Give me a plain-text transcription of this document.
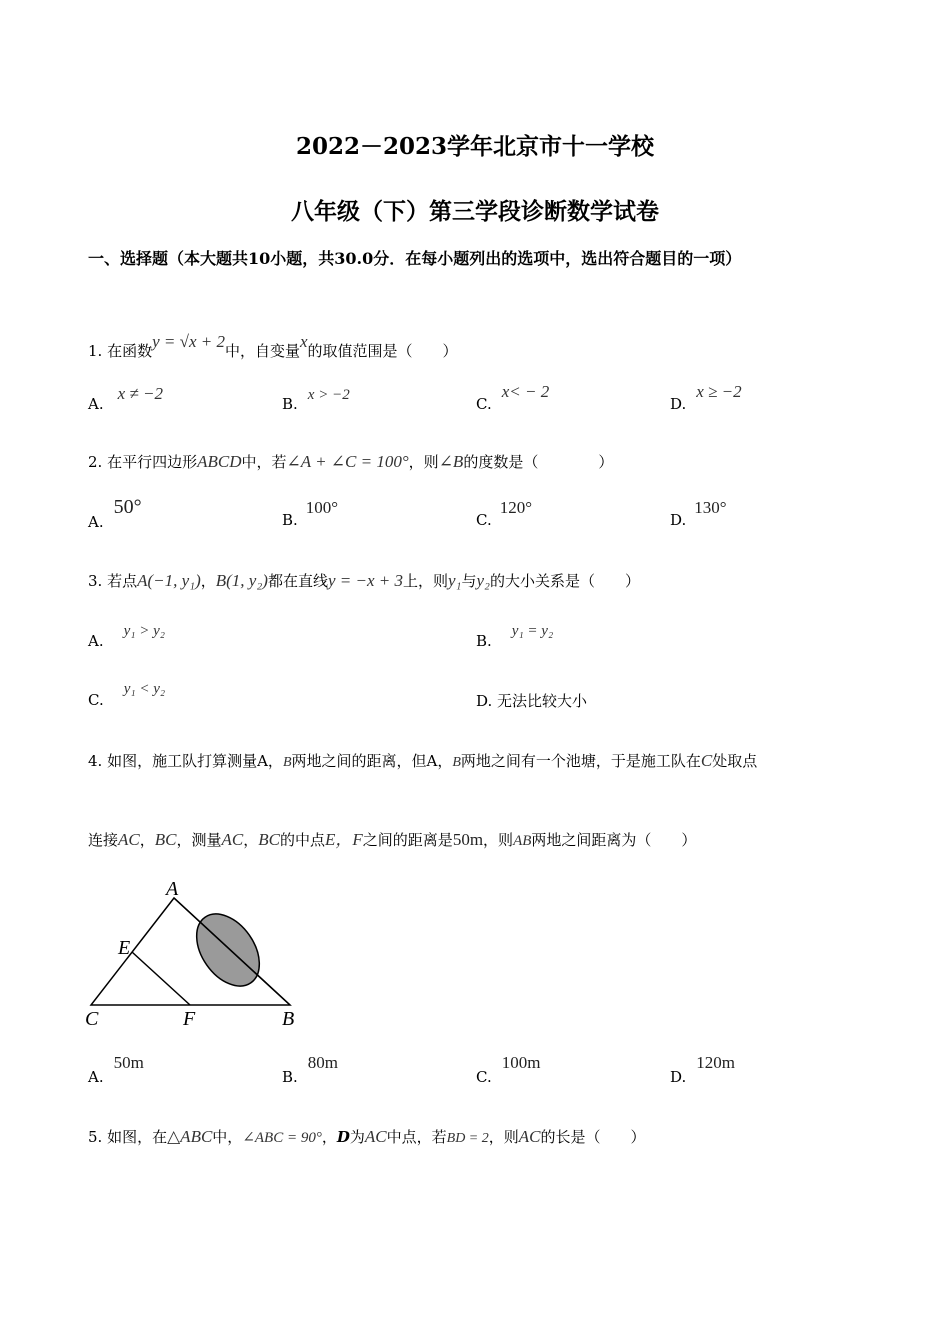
2022－2023学年北京市十一学校
八年级（下）第三学段诊断数学试卷
一、选择题（本大题共10小题，共30.0分．在每小题列出的选项中，选出符合题目的一项）
1. 在函数y = √x + 2中，自变量x的取值范围是（　　）
A.x ≠ −2
B. x > −2	C.x< − 2
D.x ≥ −2
2. 在平行四边形ABCD中，若∠A + ∠C = 100°，则∠B的度数是（　　　　）
A.50°
B.100°
C.120°
D.130°
3. 若点A(−1, y₁)，B(1, y₂)都在直线y = −x + 3上，则y₁与y₂的大小关系是（　　）
A.y₁ > y₂
B.y₁ = y₂
C.y₁ < y₂
D. 无法比较大小
4. 如图，施工队打算测量A，B两地之间的距离，但A，B两地之间有一个池塘，于是施工队在C处取点
连接AC，BC，测量AC，BC的中点E，F之间的距离是50m，则AB两地之间距离为（　　）
A
E
C	F	B
A.50m
B.80m
C.100m
D.120m
5. 如图，在△ABC中，∠ABC = 90°，D为AC中点，若BD = 2，则AC的长是（　　）
